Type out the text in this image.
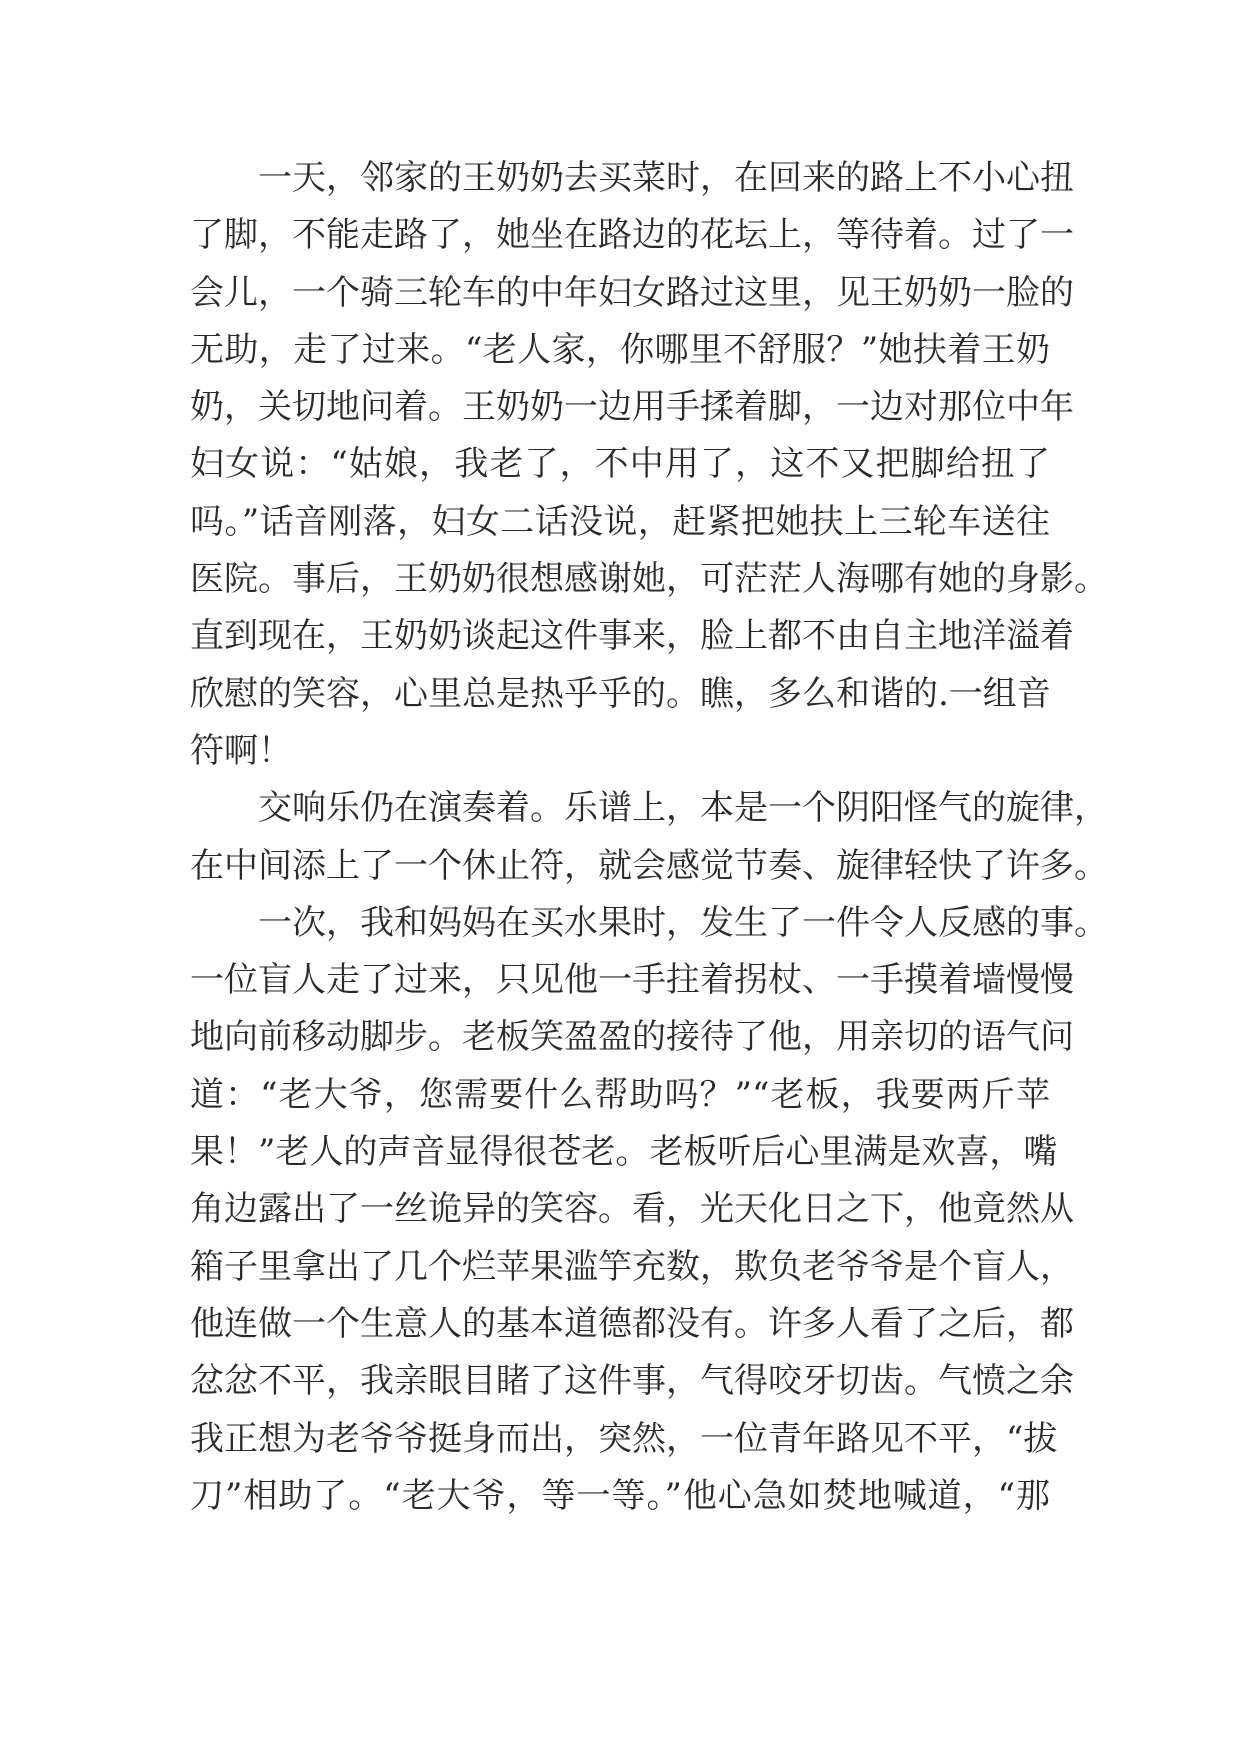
一天，邻家的王奶奶去买菜时，在回来的路上不小心扭
了脚，不能走路了，她坐在路边的花坛上，等待着。过了一
会儿，一个骑三轮车的中年妇女路过这里，见王奶奶一脸的
无助，走了过来。“老人家，你哪里不舒服？”她扶着王奶
奶，关切地问着。王奶奶一边用手揉着脚，一边对那位中年
妇女说：“姑娘，我老了，不中用了，这不又把脚给扭了
吗。”话音刚落，妇女二话没说，赶紧把她扶上三轮车送往
医院。事后，王奶奶很想感谢她，可茫茫人海哪有她的身影。
直到现在，王奶奶谈起这件事来，脸上都不由自主地洋溢着
欣慰的笑容，心里总是热乎乎的。瞧，多么和谐的.一组音
符啊！
交响乐仍在演奏着。乐谱上，本是一个阴阳怪气的旋律，
在中间添上了一个休止符，就会感觉节奏、旋律轻快了许多。
一次，我和妈妈在买水果时，发生了一件令人反感的事。
一位盲人走了过来，只见他一手拄着拐杖、一手摸着墙慢慢
地向前移动脚步。老板笑盈盈的接待了他，用亲切的语气问
道：“老大爷，您需要什么帮助吗？”“老板，我要两斤苹
果！”老人的声音显得很苍老。老板听后心里满是欢喜，嘴
角边露出了一丝诡异的笑容。看，光天化日之下，他竟然从
箱子里拿出了几个烂苹果滥竽充数，欺负老爷爷是个盲人，
他连做一个生意人的基本道德都没有。许多人看了之后，都
忿忿不平，我亲眼目睹了这件事，气得咬牙切齿。气愤之余
我正想为老爷爷挺身而出，突然，一位青年路见不平，“拔
刀”相助了。“老大爷，等一等。”他心急如焚地喊道，“那
